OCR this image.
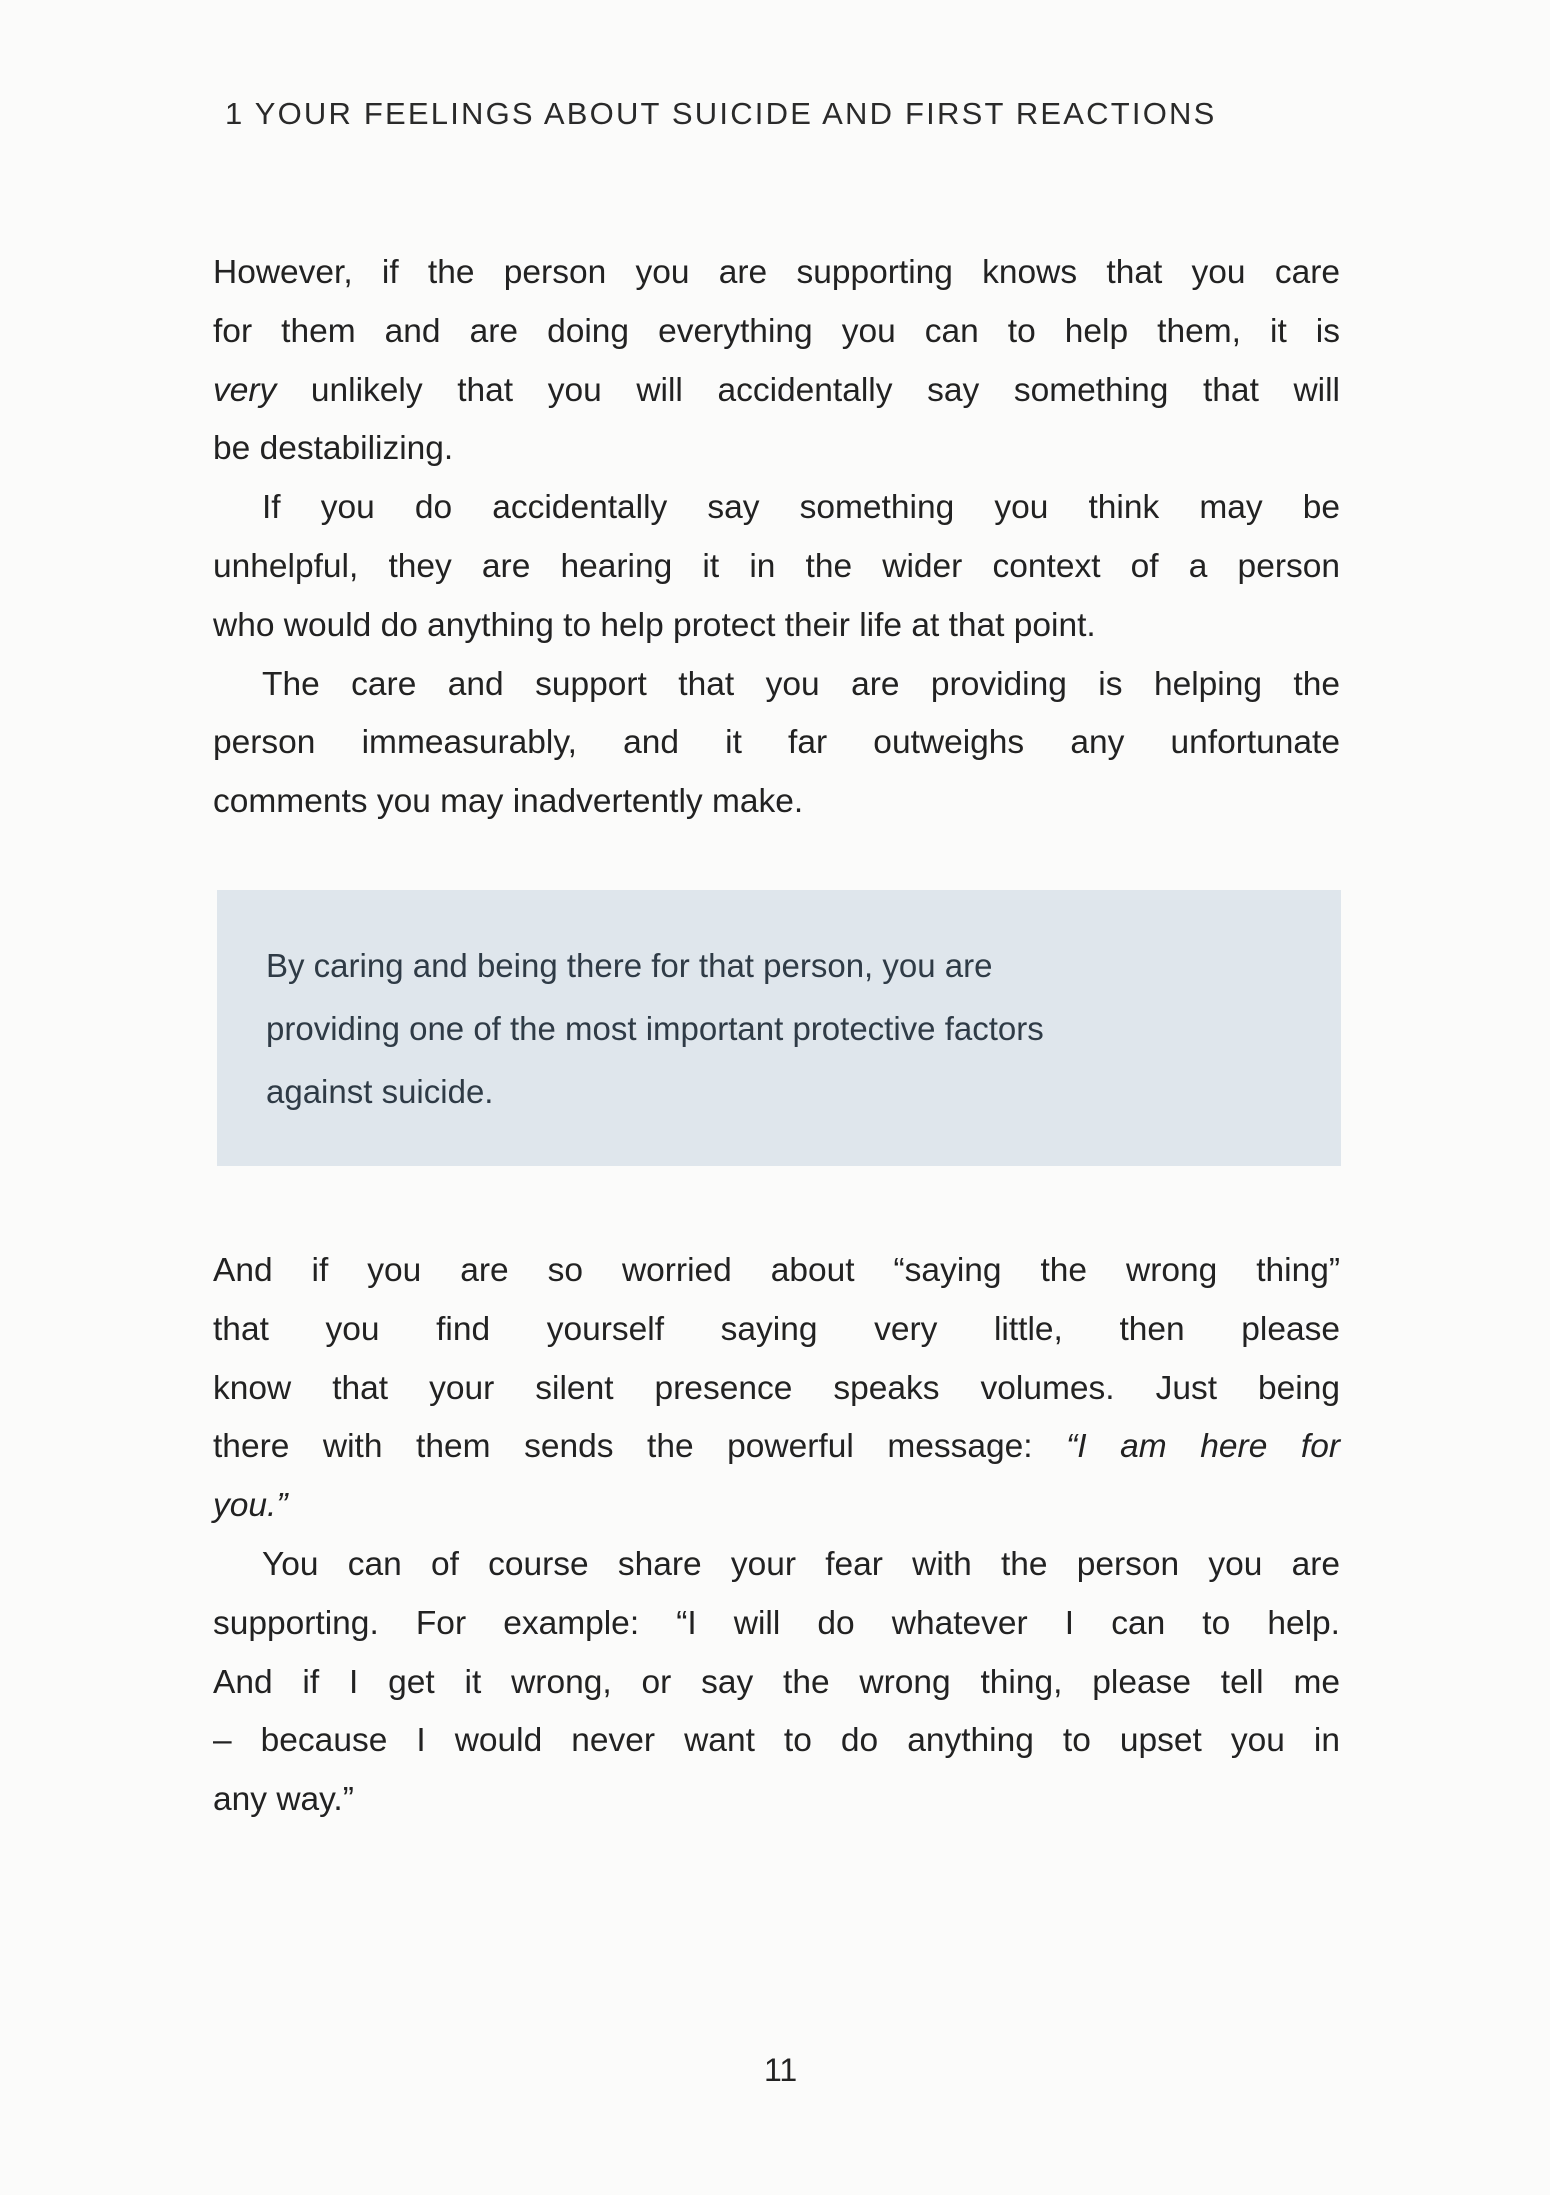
1 YOUR FEELINGS ABOUT SUICIDE AND FIRST REACTIONS
However, if the person you are supporting knows that you care
for them and are doing everything you can to help them, it is
very unlikely that you will accidentally say something that will
be destabilizing.
If you do accidentally say something you think may be
unhelpful, they are hearing it in the wider context of a person
who would do anything to help protect their life at that point.
The care and support that you are providing is helping the
person immeasurably, and it far outweighs any unfortunate
comments you may inadvertently make.
By caring and being there for that person, you are
providing one of the most important protective factors
against suicide.
And if you are so worried about “saying the wrong thing”
that you find yourself saying very little, then please
know that your silent presence speaks volumes. Just being
there with them sends the powerful message: “I am here for
you.”
You can of course share your fear with the person you are
supporting. For example: “I will do whatever I can to help.
And if I get it wrong, or say the wrong thing, please tell me
– because I would never want to do anything to upset you in
any way.”
11
